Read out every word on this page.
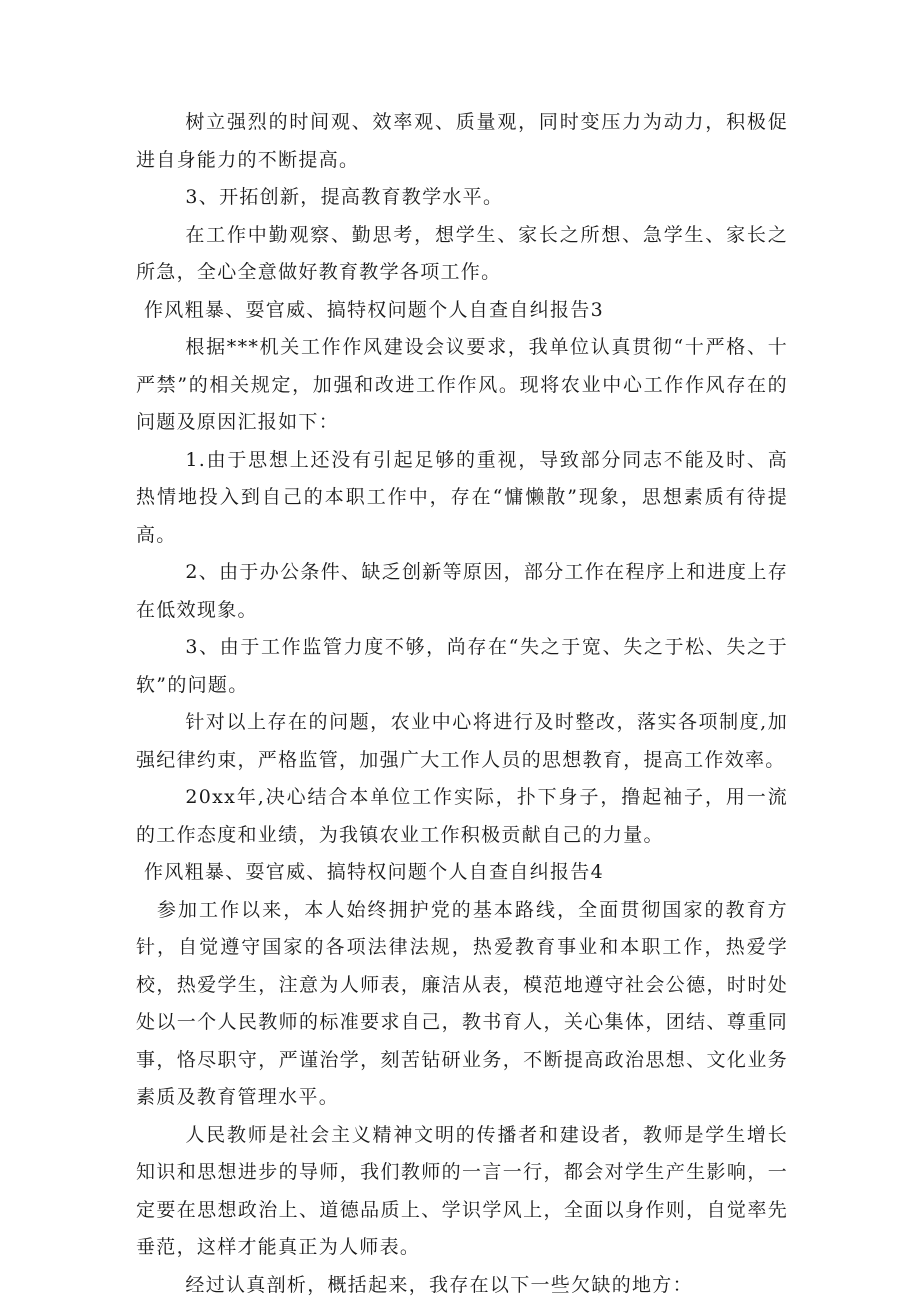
树立强烈的时间观、效率观、质量观，同时变压力为动力，积极促进自身能力的不断提高。

3、开拓创新，提高教育教学水平。

在工作中勤观察、勤思考，想学生、家长之所想、急学生、家长之所急，全心全意做好教育教学各项工作。

作风粗暴、耍官威、搞特权问题个人自查自纠报告3

根据***机关工作作风建设会议要求，我单位认真贯彻“十严格、十严禁”的相关规定，加强和改进工作作风。现将农业中心工作作风存在的问题及原因汇报如下：

1.由于思想上还没有引起足够的重视，导致部分同志不能及时、高热情地投入到自己的本职工作中，存在“慵懒散”现象，思想素质有待提高。

2、由于办公条件、缺乏创新等原因，部分工作在程序上和进度上存在低效现象。

3、由于工作监管力度不够，尚存在“失之于宽、失之于松、失之于软”的问题。

针对以上存在的问题，农业中心将进行及时整改，落实各项制度,加强纪律约束，严格监管，加强广大工作人员的思想教育，提高工作效率。

20xx年,决心结合本单位工作实际，扑下身子，撸起袖子，用一流的工作态度和业绩，为我镇农业工作积极贡献自己的力量。

作风粗暴、耍官威、搞特权问题个人自查自纠报告4

参加工作以来，本人始终拥护党的基本路线，全面贯彻国家的教育方针，自觉遵守国家的各项法律法规，热爱教育事业和本职工作，热爱学校，热爱学生，注意为人师表，廉洁从表，模范地遵守社会公德，时时处处以一个人民教师的标准要求自己，教书育人，关心集体，团结、尊重同事，恪尽职守，严谨治学，刻苦钻研业务，不断提高政治思想、文化业务素质及教育管理水平。

人民教师是社会主义精神文明的传播者和建设者，教师是学生增长知识和思想进步的导师，我们教师的一言一行，都会对学生产生影响，一定要在思想政治上、道德品质上、学识学风上，全面以身作则，自觉率先垂范，这样才能真正为人师表。

经过认真剖析，概括起来，我存在以下一些欠缺的地方：
